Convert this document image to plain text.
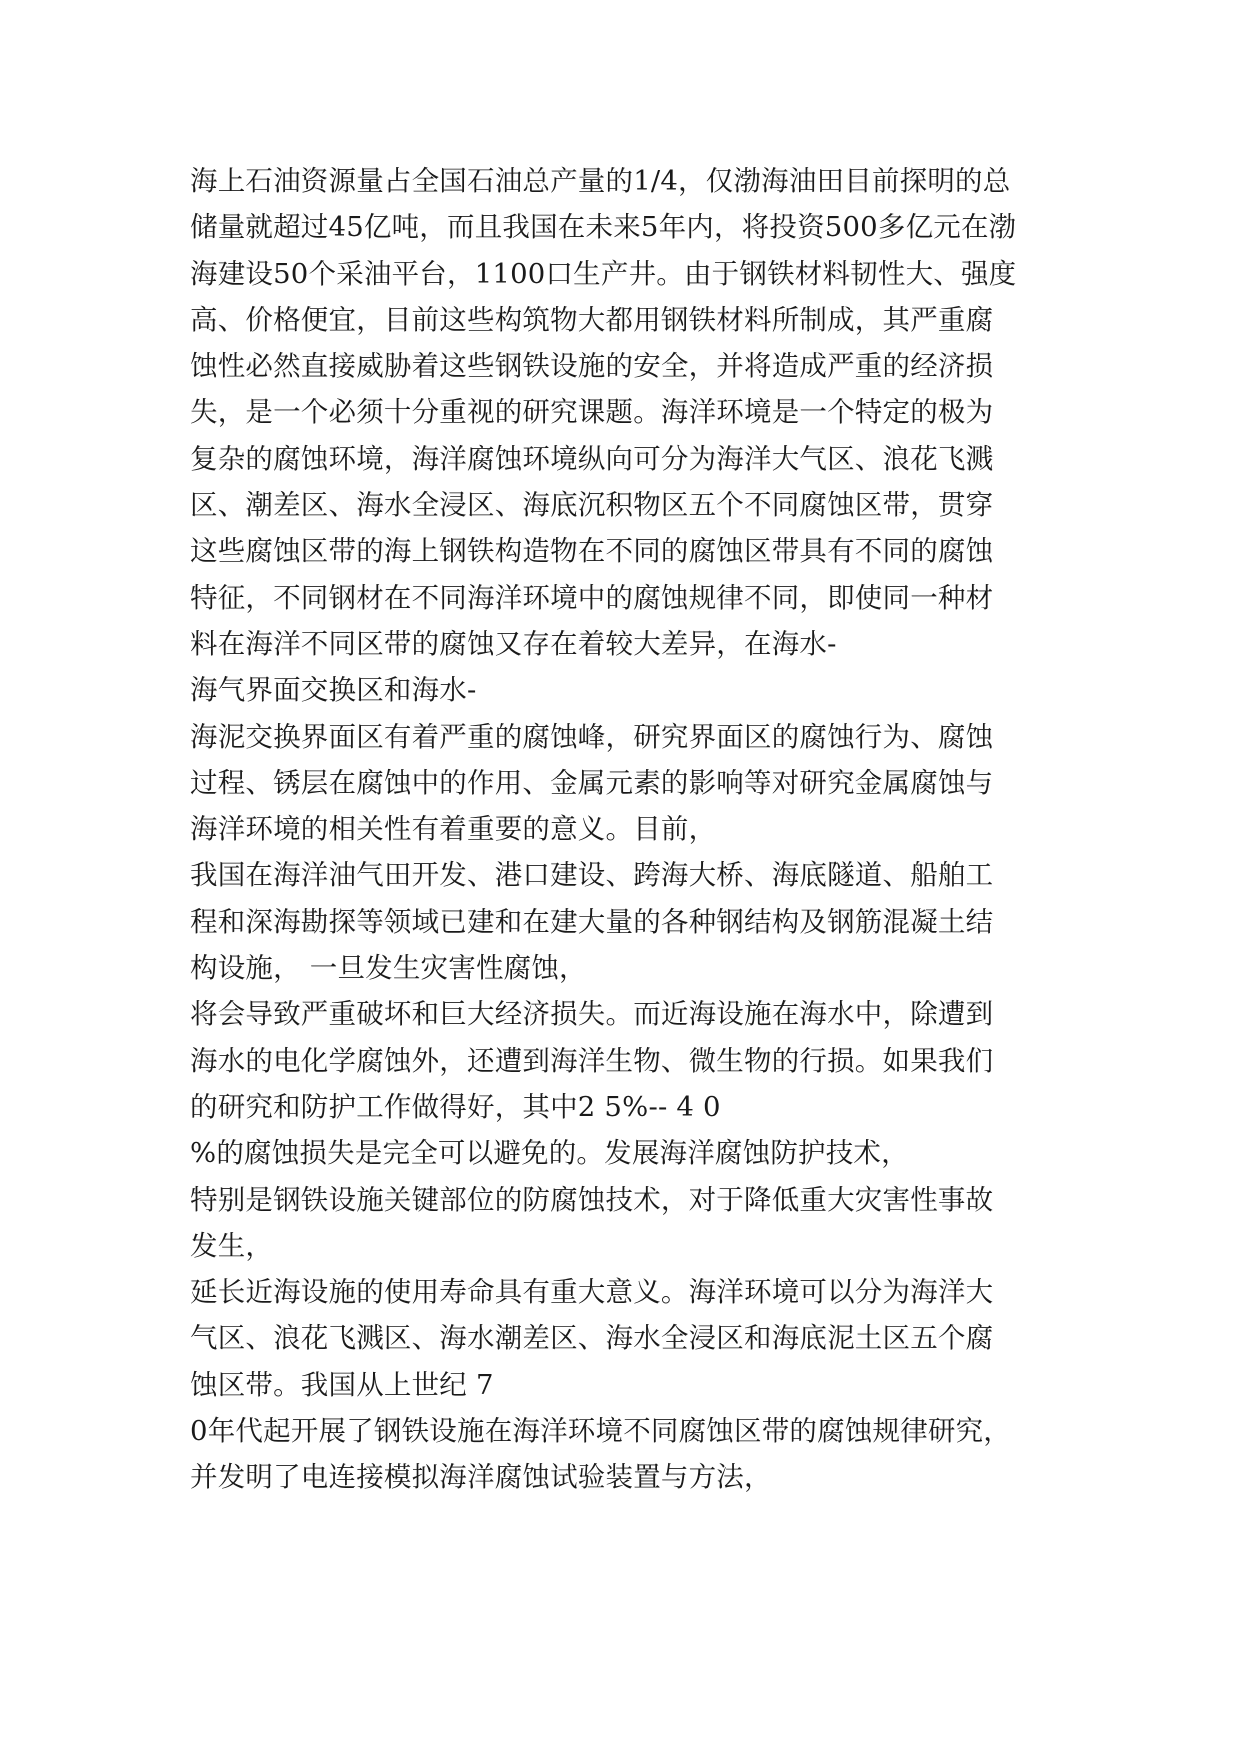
海上石油资源量占全国石油总产量的1/4，仅渤海油田目前探明的总
储量就超过45亿吨，而且我国在未来5年内，将投资500多亿元在渤
海建设50个采油平台，1100口生产井。由于钢铁材料韧性大、强度
高、价格便宜，目前这些构筑物大都用钢铁材料所制成，其严重腐
蚀性必然直接威胁着这些钢铁设施的安全，并将造成严重的经济损
失，是一个必须十分重视的研究课题。海洋环境是一个特定的极为
复杂的腐蚀环境，海洋腐蚀环境纵向可分为海洋大气区、浪花飞溅
区、潮差区、海水全浸区、海底沉积物区五个不同腐蚀区带，贯穿
这些腐蚀区带的海上钢铁构造物在不同的腐蚀区带具有不同的腐蚀
特征，不同钢材在不同海洋环境中的腐蚀规律不同，即使同一种材
料在海洋不同区带的腐蚀又存在着较大差异，在海水-
海气界面交换区和海水-
海泥交换界面区有着严重的腐蚀峰，研究界面区的腐蚀行为、腐蚀
过程、锈层在腐蚀中的作用、金属元素的影响等对研究金属腐蚀与
海洋环境的相关性有着重要的意义。目前，
我国在海洋油气田开发、港口建设、跨海大桥、海底隧道、船舶工
程和深海勘探等领域已建和在建大量的各种钢结构及钢筋混凝土结
构设施， 一旦发生灾害性腐蚀，
将会导致严重破坏和巨大经济损失。而近海设施在海水中，除遭到
海水的电化学腐蚀外，还遭到海洋生物、微生物的行损。如果我们
的研究和防护工作做得好，其中2 5%-- 4 0
%的腐蚀损失是完全可以避免的。发展海洋腐蚀防护技术，
特别是钢铁设施关键部位的防腐蚀技术，对于降低重大灾害性事故
发生，
延长近海设施的使用寿命具有重大意义。海洋环境可以分为海洋大
气区、浪花飞溅区、海水潮差区、海水全浸区和海底泥土区五个腐
蚀区带。我国从上世纪 7
0年代起开展了钢铁设施在海洋环境不同腐蚀区带的腐蚀规律研究，
并发明了电连接模拟海洋腐蚀试验装置与方法，
